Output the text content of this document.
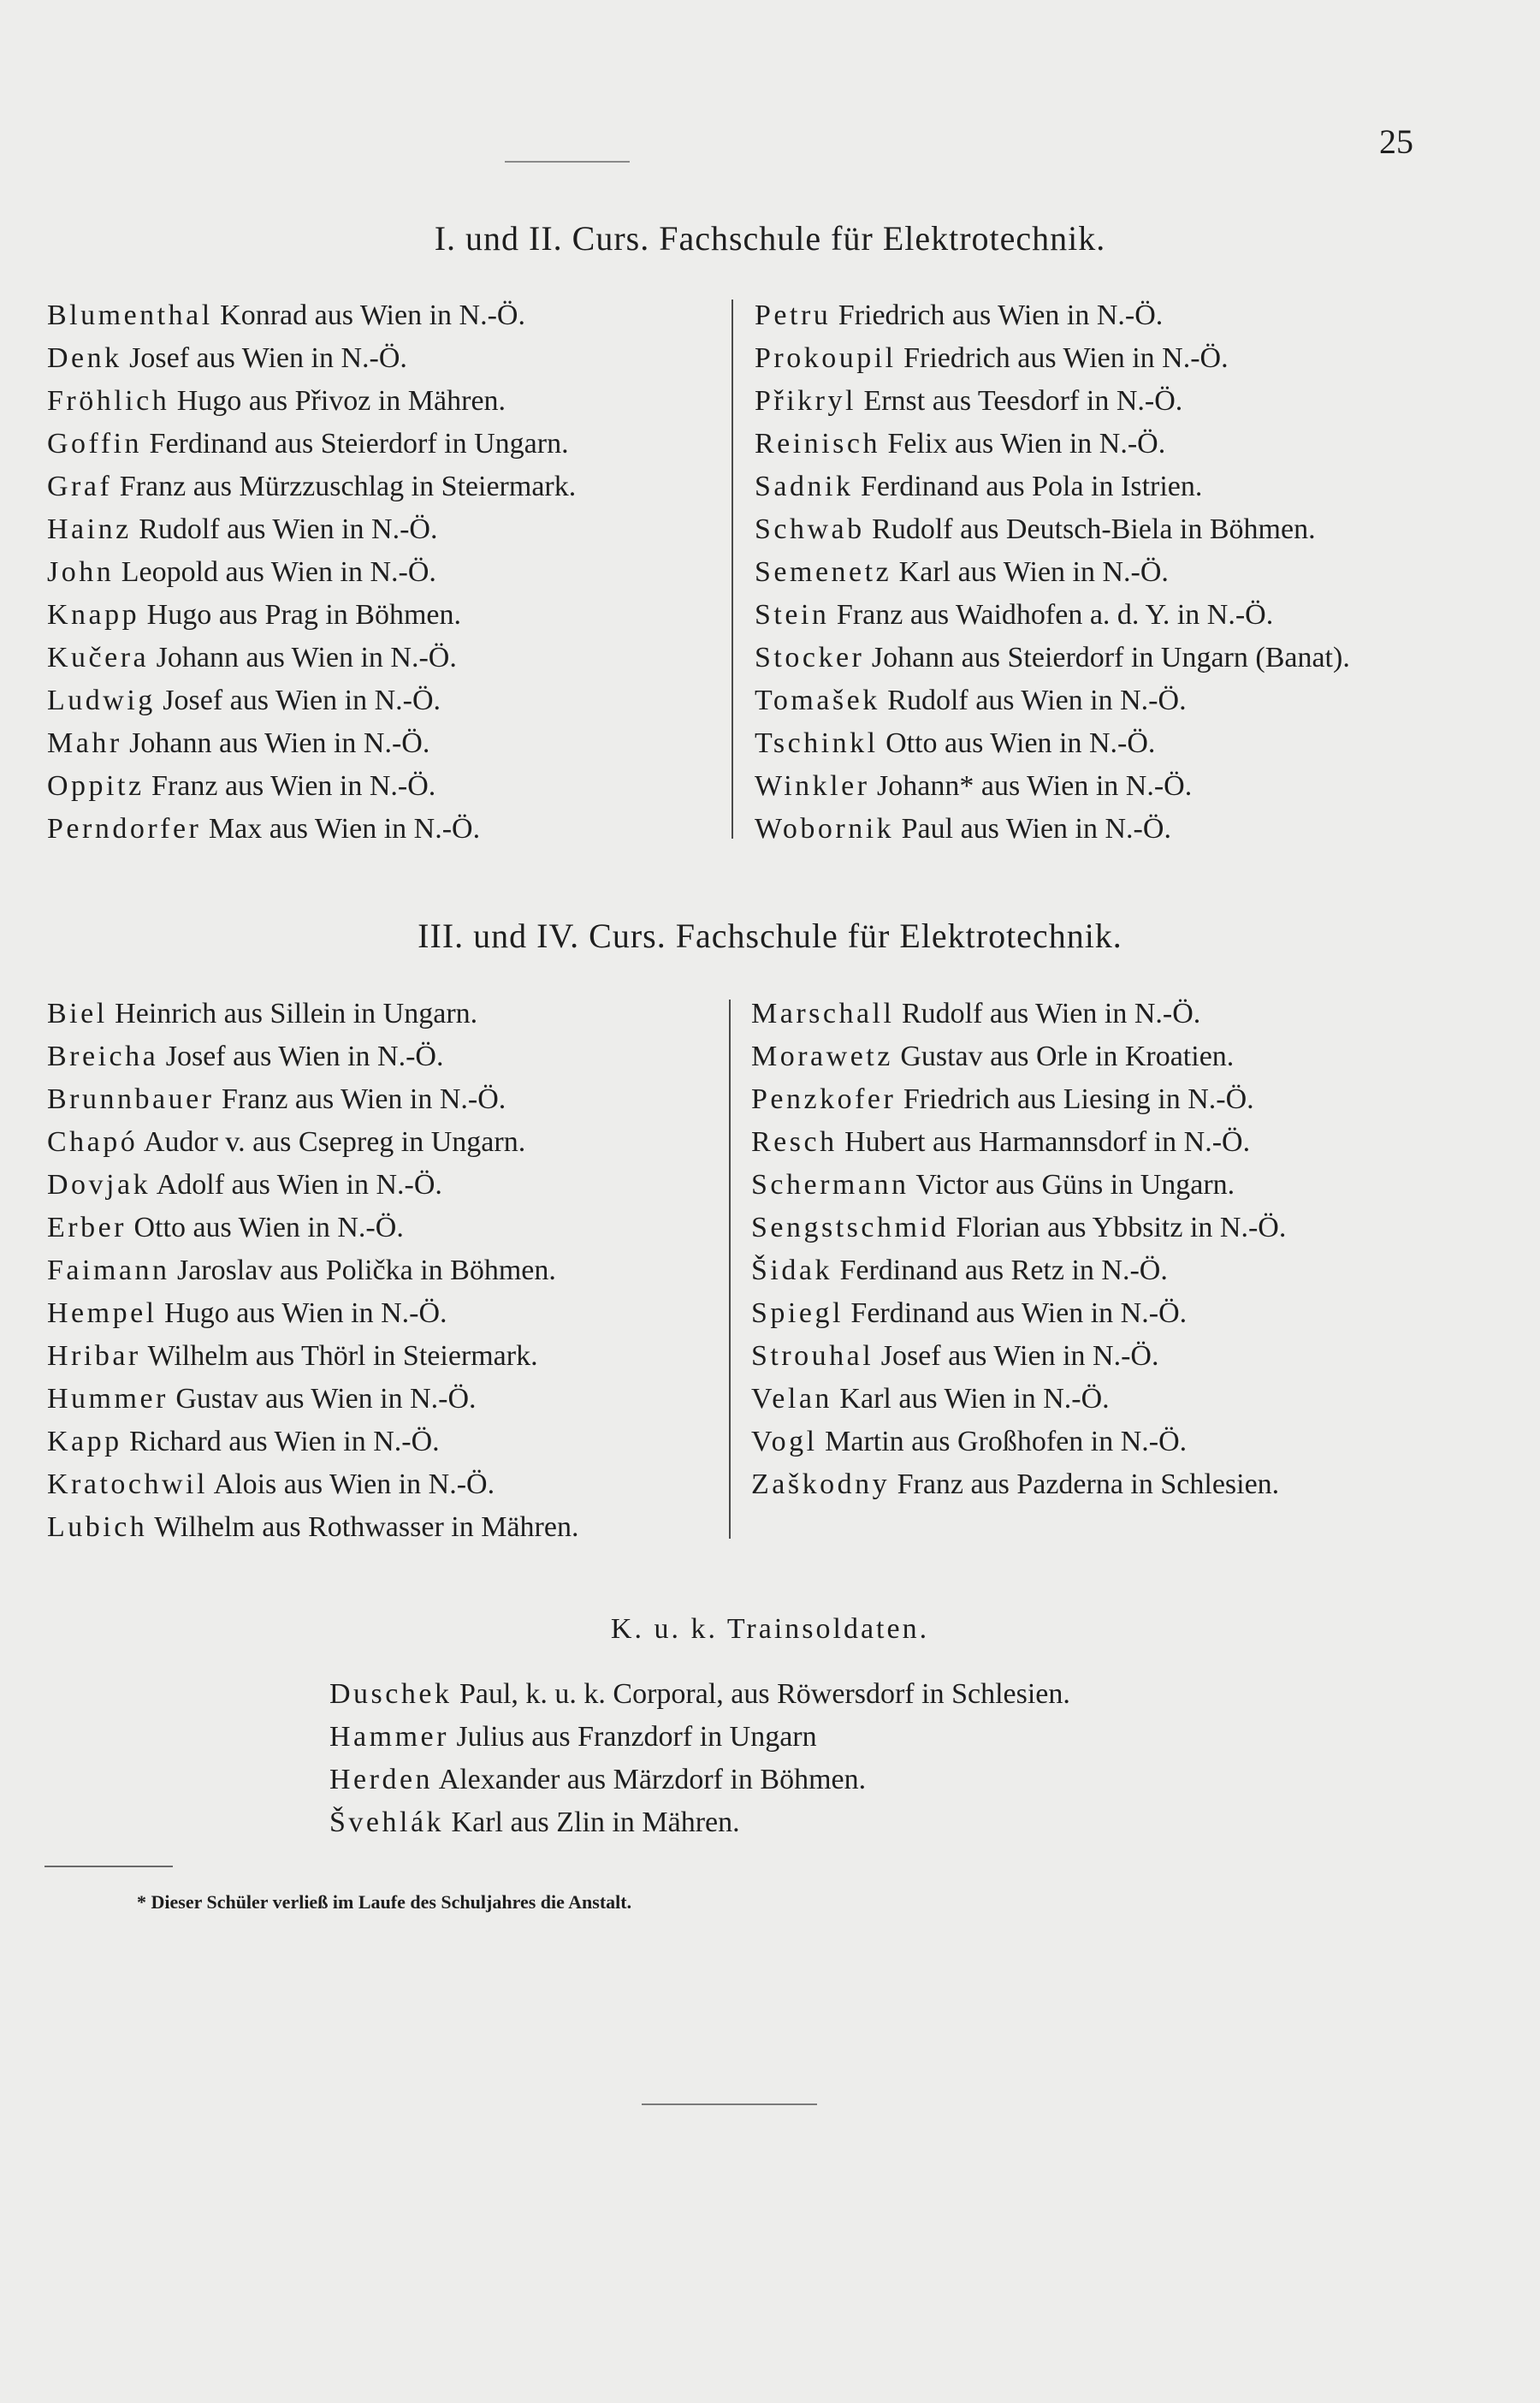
25
I. und II. Curs. Fachschule für Elektrotechnik.
Blumenthal Konrad aus Wien in N.-Ö.
Denk Josef aus Wien in N.-Ö.
Fröhlich Hugo aus Přivoz in Mähren.
Goffin Ferdinand aus Steierdorf in Ungarn.
Graf Franz aus Mürzzuschlag in Steiermark.
Hainz Rudolf aus Wien in N.-Ö.
John Leopold aus Wien in N.-Ö.
Knapp Hugo aus Prag in Böhmen.
Kučera Johann aus Wien in N.-Ö.
Ludwig Josef aus Wien in N.-Ö.
Mahr Johann aus Wien in N.-Ö.
Oppitz Franz aus Wien in N.-Ö.
Perndorfer Max aus Wien in N.-Ö.
Petru Friedrich aus Wien in N.-Ö.
Prokoupil Friedrich aus Wien in N.-Ö.
Přikryl Ernst aus Teesdorf in N.-Ö.
Reinisch Felix aus Wien in N.-Ö.
Sadnik Ferdinand aus Pola in Istrien.
Schwab Rudolf aus Deutsch-Biela in Böhmen.
Semenetz Karl aus Wien in N.-Ö.
Stein Franz aus Waidhofen a. d. Y. in N.-Ö.
Stocker Johann aus Steierdorf in Ungarn (Banat).
Tomašek Rudolf aus Wien in N.-Ö.
Tschinkl Otto aus Wien in N.-Ö.
Winkler Johann* aus Wien in N.-Ö.
Wobornik Paul aus Wien in N.-Ö.
III. und IV. Curs. Fachschule für Elektrotechnik.
Biel Heinrich aus Sillein in Ungarn.
Breicha Josef aus Wien in N.-Ö.
Brunnbauer Franz aus Wien in N.-Ö.
Chapó Audor v. aus Csepreg in Ungarn.
Dovjak Adolf aus Wien in N.-Ö.
Erber Otto aus Wien in N.-Ö.
Faimann Jaroslav aus Polička in Böhmen.
Hempel Hugo aus Wien in N.-Ö.
Hribar Wilhelm aus Thörl in Steiermark.
Hummer Gustav aus Wien in N.-Ö.
Kapp Richard aus Wien in N.-Ö.
Kratochwil Alois aus Wien in N.-Ö.
Lubich Wilhelm aus Rothwasser in Mähren.
Marschall Rudolf aus Wien in N.-Ö.
Morawetz Gustav aus Orle in Kroatien.
Penzkofer Friedrich aus Liesing in N.-Ö.
Resch Hubert aus Harmannsdorf in N.-Ö.
Schermann Victor aus Güns in Ungarn.
Sengstschmid Florian aus Ybbsitz in N.-Ö.
Šidak Ferdinand aus Retz in N.-Ö.
Spiegl Ferdinand aus Wien in N.-Ö.
Strouhal Josef aus Wien in N.-Ö.
Velan Karl aus Wien in N.-Ö.
Vogl Martin aus Großhofen in N.-Ö.
Zaškodny Franz aus Pazderna in Schlesien.
K. u. k. Trainsoldaten.
Duschek Paul, k. u. k. Corporal, aus Röwersdorf in Schlesien.
Hammer Julius aus Franzdorf in Ungarn
Herden Alexander aus Märzdorf in Böhmen.
Švehlák Karl aus Zlin in Mähren.
* Dieser Schüler verließ im Laufe des Schuljahres die Anstalt.
